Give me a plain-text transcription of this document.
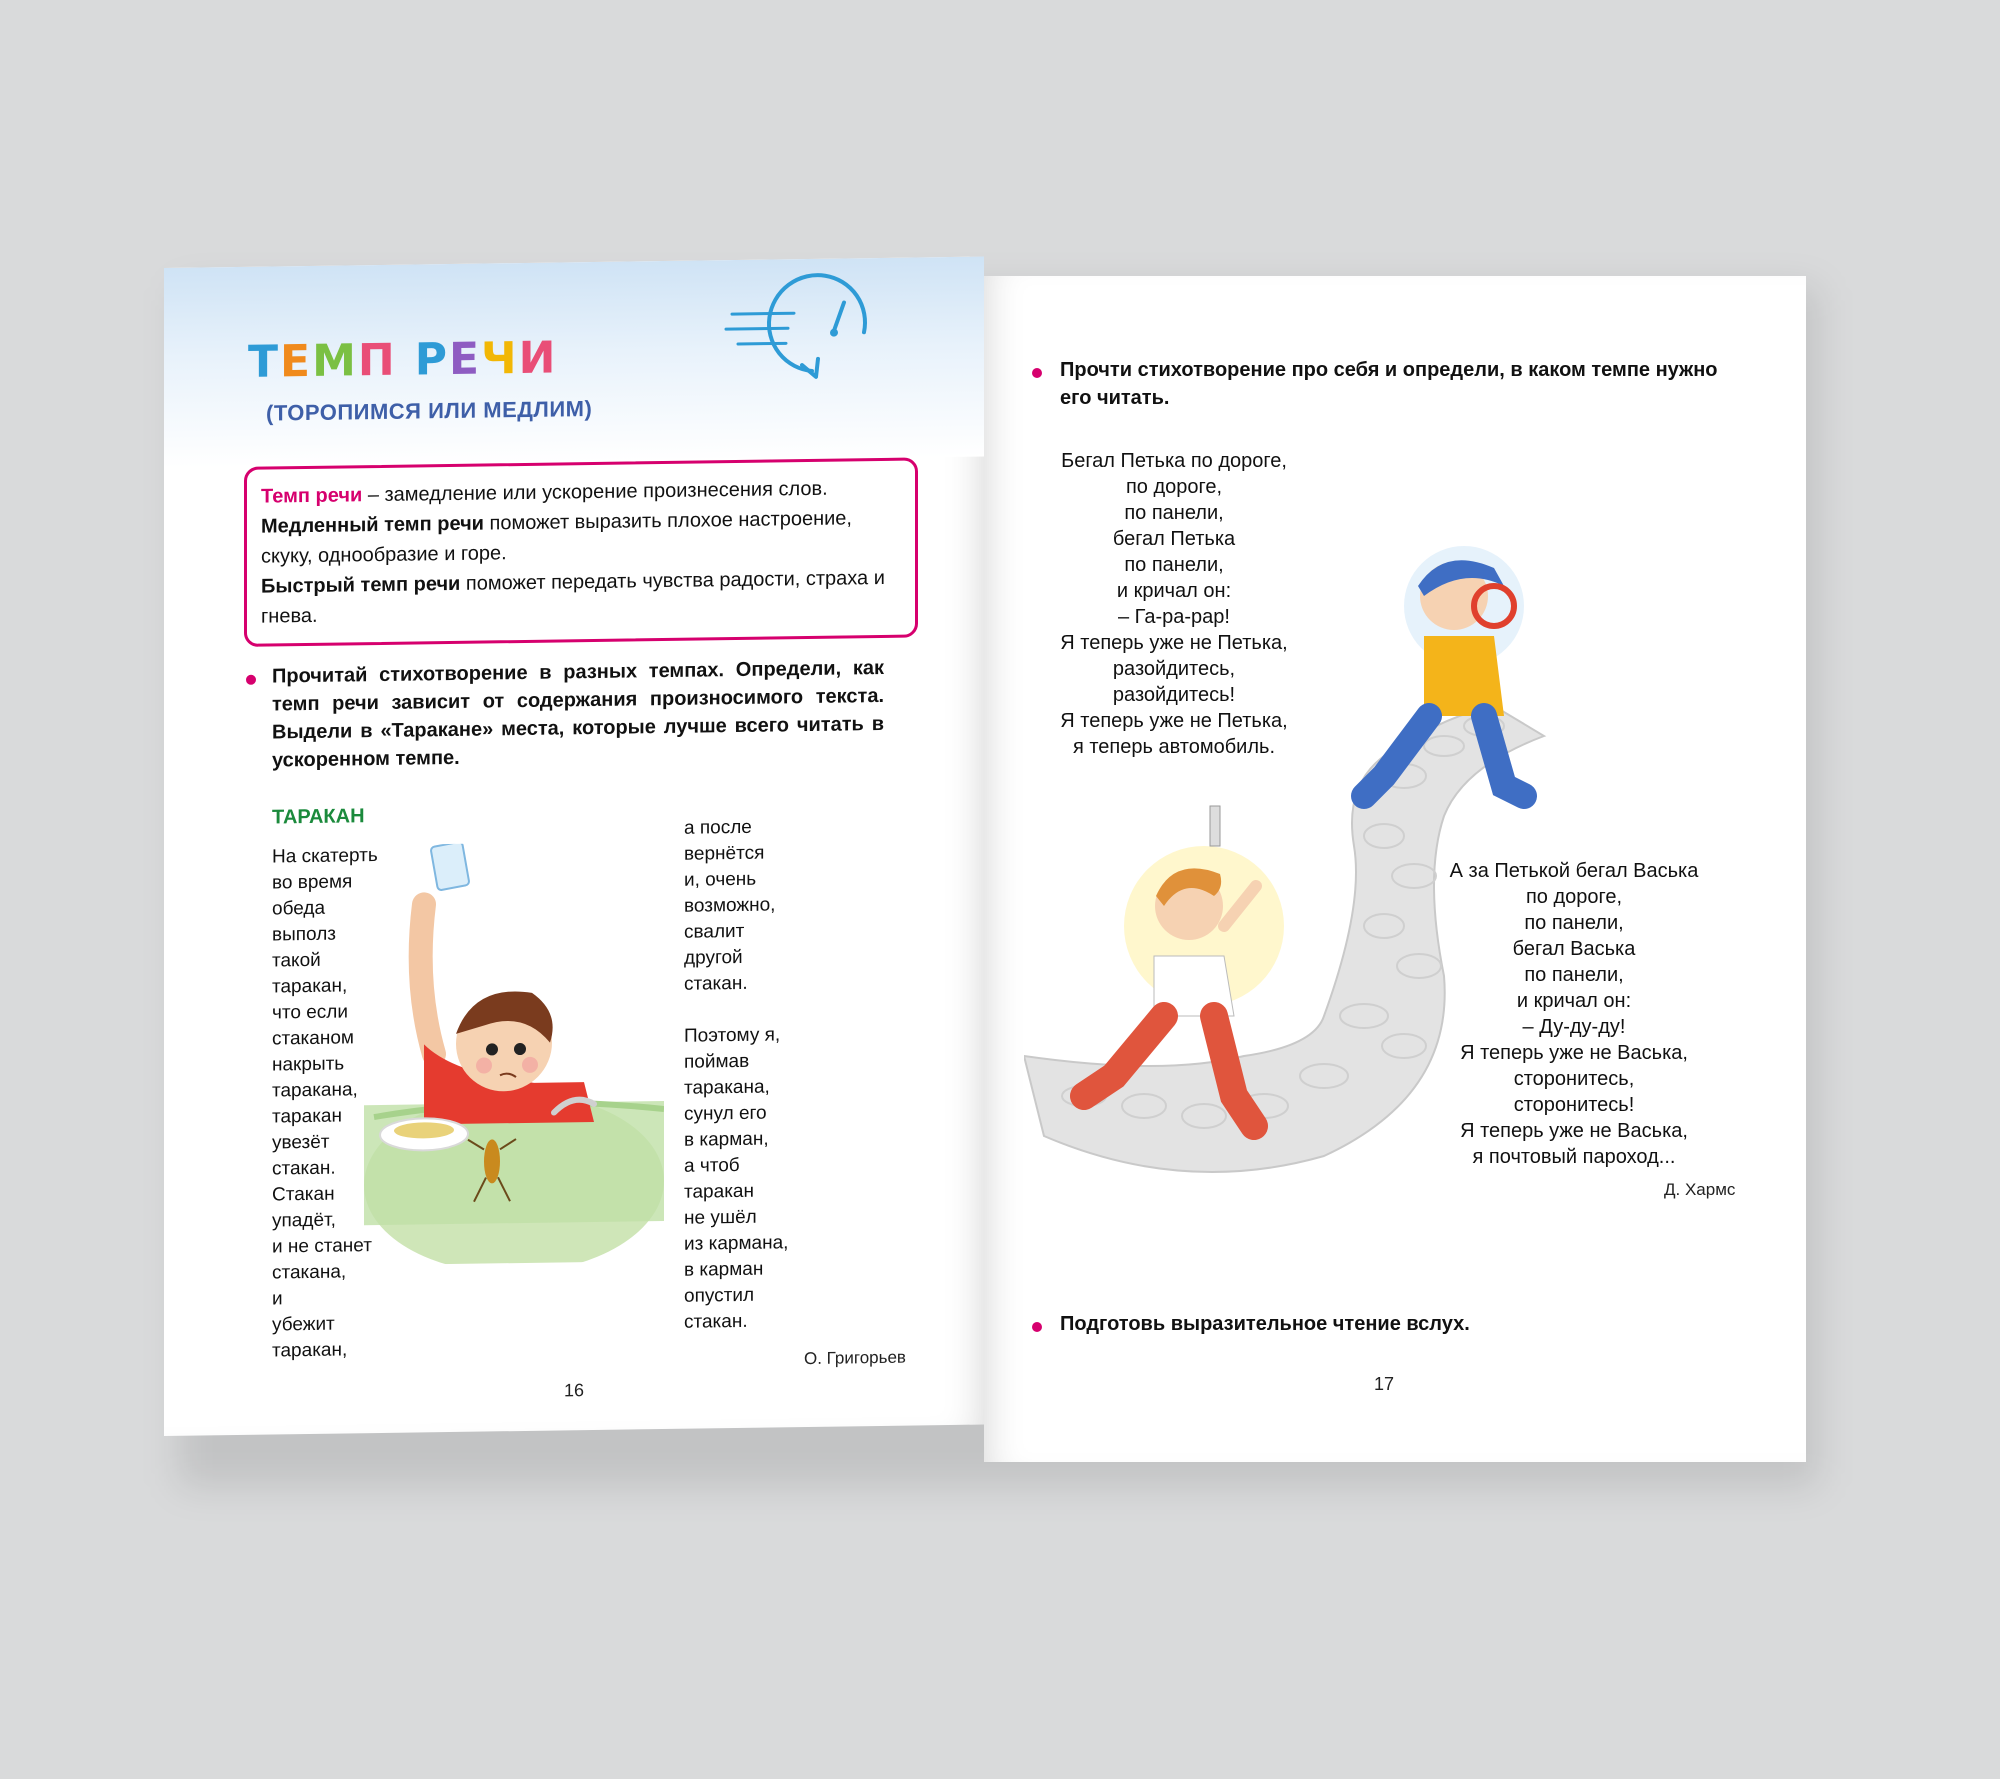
ТЕМП РЕЧИ
(ТОРОПИМСЯ ИЛИ МЕДЛИМ)
Темп речи – замедление или ускорение произнесения слов.
Медленный темп речи поможет выразить плохое настроение, скуку, однообразие и горе.
Быстрый темп речи поможет передать чувства радости, страха и гнева.
Прочитай стихотворение в разных темпах. Определи, как темп речи зависит от содержания произносимого текста. Выдели в «Таракане» места, которые лучше всего читать в ускоренном темпе.
ТАРАКАН
На скатерть
во время
обеда
выполз
такой
таракан,
что если
стаканом
накрыть
таракана,
таракан
увезёт
стакан.
Стакан
упадёт,
и не станет
стакана,
и
убежит
таракан,
а после
вернётся
и, очень
возможно,
свалит
другой
стакан.
Поэтому я,
поймав
таракана,
сунул его
в карман,
а чтоб
таракан
не ушёл
из кармана,
в карман
опустил
стакан.
О. Григорьев
16
Прочти стихотворение про себя и определи, в каком темпе нужно его читать.
Бегал Петька по дороге,
по дороге,
по панели,
бегал Петька
по панели,
и кричал он:
– Га-ра-рар!
Я теперь уже не Петька,
разойдитесь,
разойдитесь!
Я теперь уже не Петька,
я теперь автомобиль.
А за Петькой бегал Васька
по дороге,
по панели,
бегал Васька
по панели,
и кричал он:
– Ду-ду-ду!
Я теперь уже не Васька,
сторонитесь,
сторонитесь!
Я теперь уже не Васька,
я почтовый пароход...
Д. Хармс
Подготовь выразительное чтение вслух.
17
